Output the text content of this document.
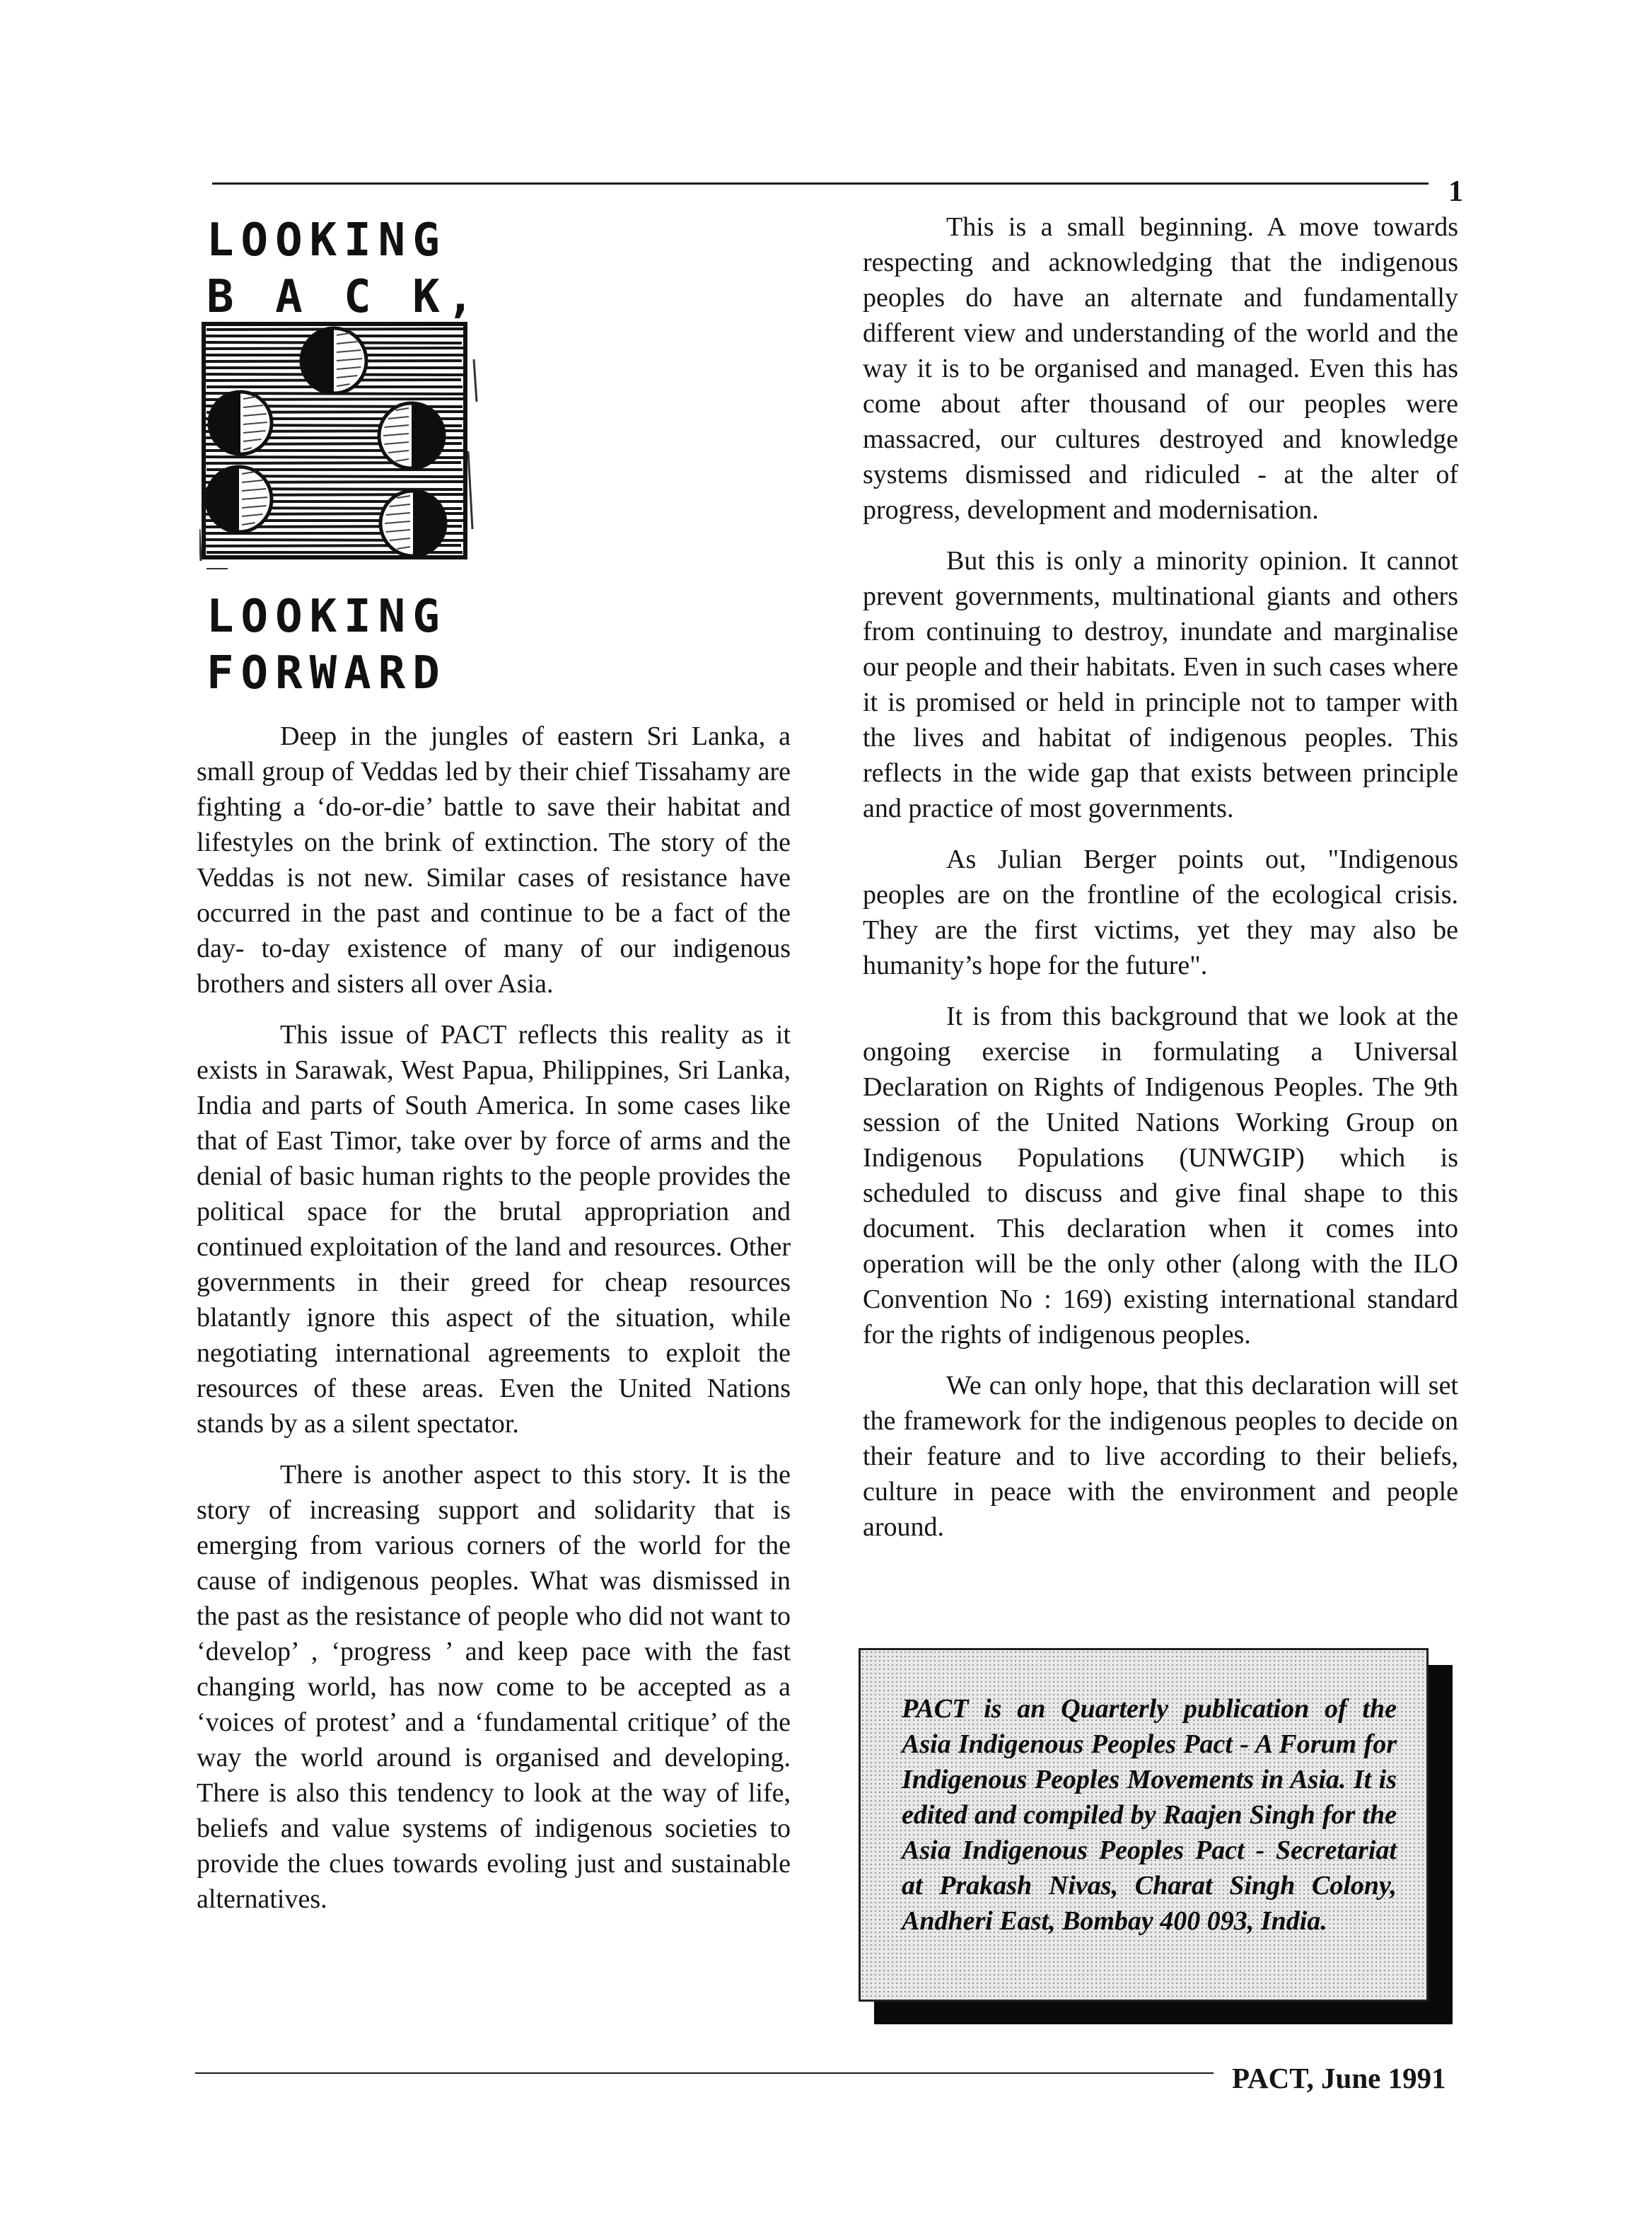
1
LOOKING
B A C K,
LOOKING
FORWARD

Deep in the jungles of eastern Sri Lanka, a small group of Veddas led by their chief Tissahamy are fighting a ‘do-or-die’ battle to save their habitat and lifestyles on the brink of extinction. The story of the Veddas is not new. Similar cases of resistance have occurred in the past and continue to be a fact of the day- to-day existence of many of our indigenous brothers and sisters all over Asia.

This issue of PACT reflects this reality as it exists in Sarawak, West Papua, Philippines, Sri Lanka, India and parts of South America. In some cases like that of East Timor, take over by force of arms and the denial of basic human rights to the people provides the political space for the brutal appropriation and continued exploitation of the land and resources. Other governments in their greed for cheap resources blatantly ignore this aspect of the situation, while negotiating international agreements to exploit the resources of these areas. Even the United Nations stands by as a silent spectator.

There is another aspect to this story. It is the story of increasing support and solidarity that is emerging from various corners of the world for the cause of indigenous peoples. What was dismissed in the past as the resistance of people who did not want to ‘develop’ , ‘progress ’ and keep pace with the fast changing world, has now come to be accepted as a ‘voices of protest’ and a ‘fundamental critique’ of the way the world around is organised and developing. There is also this tendency to look at the way of life, beliefs and value systems of indigenous societies to provide the clues towards evoling just and sustainable alternatives.

This is a small beginning. A move towards respecting and acknowledging that the indigenous peoples do have an alternate and fundamentally different view and understanding of the world and the way it is to be organised and managed. Even this has come about after thousand of our peoples were massacred, our cultures destroyed and knowledge systems dismissed and ridiculed - at the alter of progress, development and modernisation.

But this is only a minority opinion. It cannot prevent governments, multinational giants and others from continuing to destroy, inundate and marginalise our people and their habitats. Even in such cases where it is promised or held in principle not to tamper with the lives and habitat of indigenous peoples. This reflects in the wide gap that exists between principle and practice of most governments.

As Julian Berger points out, "Indigenous peoples are on the frontline of the ecological crisis. They are the first victims, yet they may also be humanity’s hope for the future".

It is from this background that we look at the ongoing exercise in formulating a Universal Declaration on Rights of Indigenous Peoples. The 9th session of the United Nations Working Group on Indigenous Populations (UNWGIP) which is scheduled to discuss and give final shape to this document. This declaration when it comes into operation will be the only other (along with the ILO Convention No : 169) existing international standard for the rights of indigenous peoples.

We can only hope, that this declaration will set the framework for the indigenous peoples to decide on their feature and to live according to their beliefs, culture in peace with the environment and people around.

PACT is an Quarterly publication of the Asia Indigenous Peoples Pact - A Forum for Indigenous Peoples Movements in Asia. It is edited and compiled by Raajen Singh for the Asia Indigenous Peoples Pact - Secretariat at Prakash Nivas, Charat Singh Colony, Andheri East, Bombay 400 093, India.
PACT, June 1991
